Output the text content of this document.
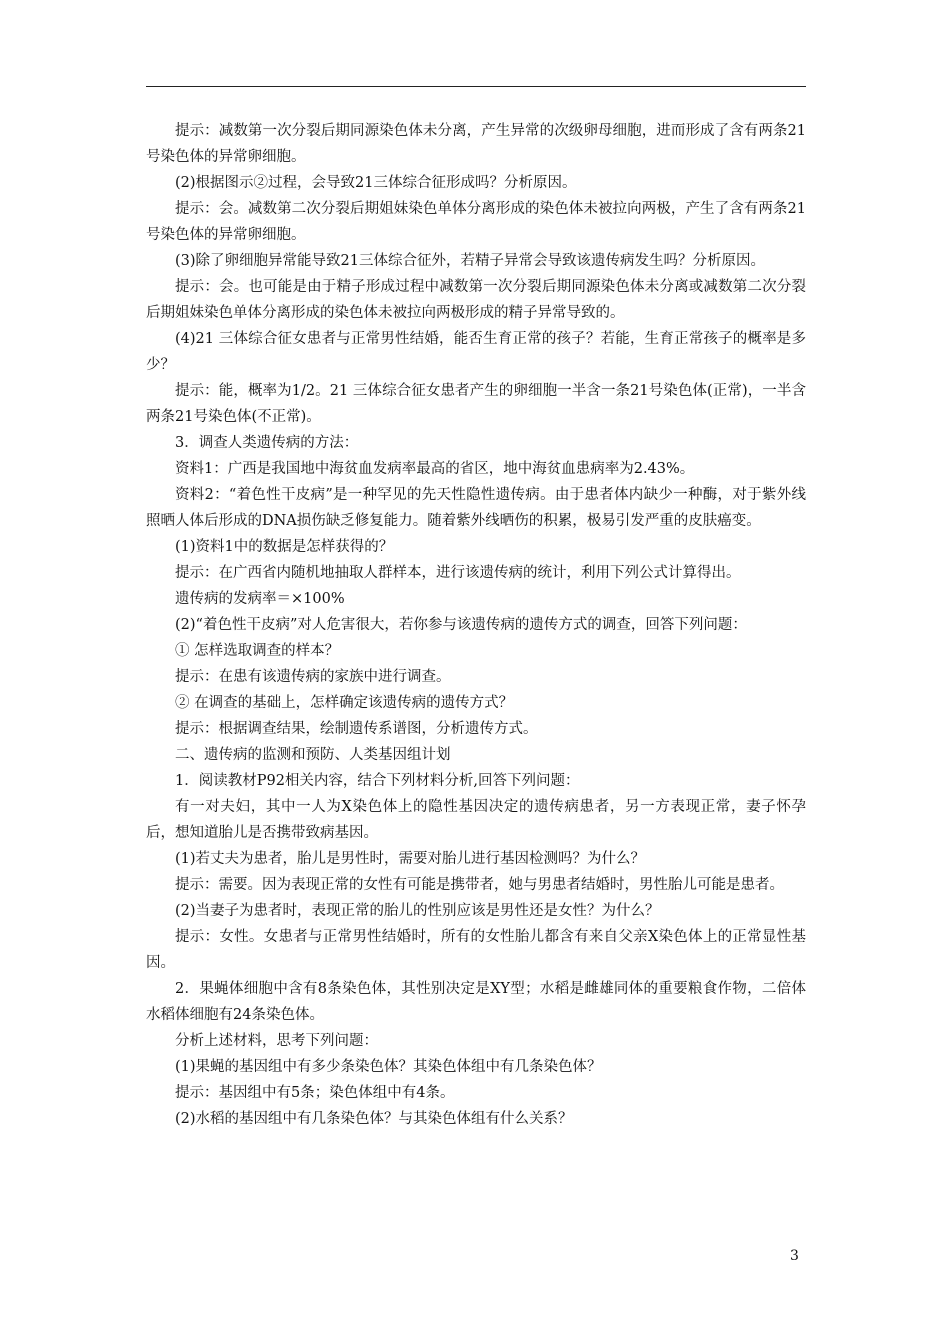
提示：减数第一次分裂后期同源染色体未分离，产生异常的次级卵母细胞，进而形成了含有两条21号染色体的异常卵细胞。

(2)根据图示②过程，会导致21三体综合征形成吗？分析原因。

提示：会。减数第二次分裂后期姐妹染色单体分离形成的染色体未被拉向两极，产生了含有两条21号染色体的异常卵细胞。

(3)除了卵细胞异常能导致21三体综合征外，若精子异常会导致该遗传病发生吗？分析原因。

提示：会。也可能是由于精子形成过程中减数第一次分裂后期同源染色体未分离或减数第二次分裂后期姐妹染色单体分离形成的染色体未被拉向两极形成的精子异常导致的。

(4)21 三体综合征女患者与正常男性结婚，能否生育正常的孩子？若能，生育正常孩子的概率是多少？

提示：能，概率为1/2。21 三体综合征女患者产生的卵细胞一半含一条21号染色体(正常)，一半含两条21号染色体(不正常)。

3．调查人类遗传病的方法：

资料1：广西是我国地中海贫血发病率最高的省区，地中海贫血患病率为2.43%。

资料2：“着色性干皮病”是一种罕见的先天性隐性遗传病。由于患者体内缺少一种酶，对于紫外线照晒人体后形成的DNA损伤缺乏修复能力。随着紫外线晒伤的积累，极易引发严重的皮肤癌变。

(1)资料1中的数据是怎样获得的？

提示：在广西省内随机地抽取人群样本，进行该遗传病的统计，利用下列公式计算得出。

遗传病的发病率＝×100%

(2)“着色性干皮病”对人危害很大，若你参与该遗传病的遗传方式的调查，回答下列问题：

① 怎样选取调查的样本？

提示：在患有该遗传病的家族中进行调查。

② 在调查的基础上，怎样确定该遗传病的遗传方式？

提示：根据调查结果，绘制遗传系谱图，分析遗传方式。

二、遗传病的监测和预防、人类基因组计划

1．阅读教材P92相关内容，结合下列材料分析,回答下列问题：

有一对夫妇，其中一人为X染色体上的隐性基因决定的遗传病患者，另一方表现正常，妻子怀孕后，想知道胎儿是否携带致病基因。

(1)若丈夫为患者，胎儿是男性时，需要对胎儿进行基因检测吗？为什么？

提示：需要。因为表现正常的女性有可能是携带者，她与男患者结婚时，男性胎儿可能是患者。

(2)当妻子为患者时，表现正常的胎儿的性别应该是男性还是女性？为什么？

提示：女性。女患者与正常男性结婚时，所有的女性胎儿都含有来自父亲X染色体上的正常显性基因。

2．果蝇体细胞中含有8条染色体，其性别决定是XY型；水稻是雌雄同体的重要粮食作物，二倍体水稻体细胞有24条染色体。

分析上述材料，思考下列问题：

(1)果蝇的基因组中有多少条染色体？其染色体组中有几条染色体？

提示：基因组中有5条；染色体组中有4条。

(2)水稻的基因组中有几条染色体？与其染色体组有什么关系？

3
